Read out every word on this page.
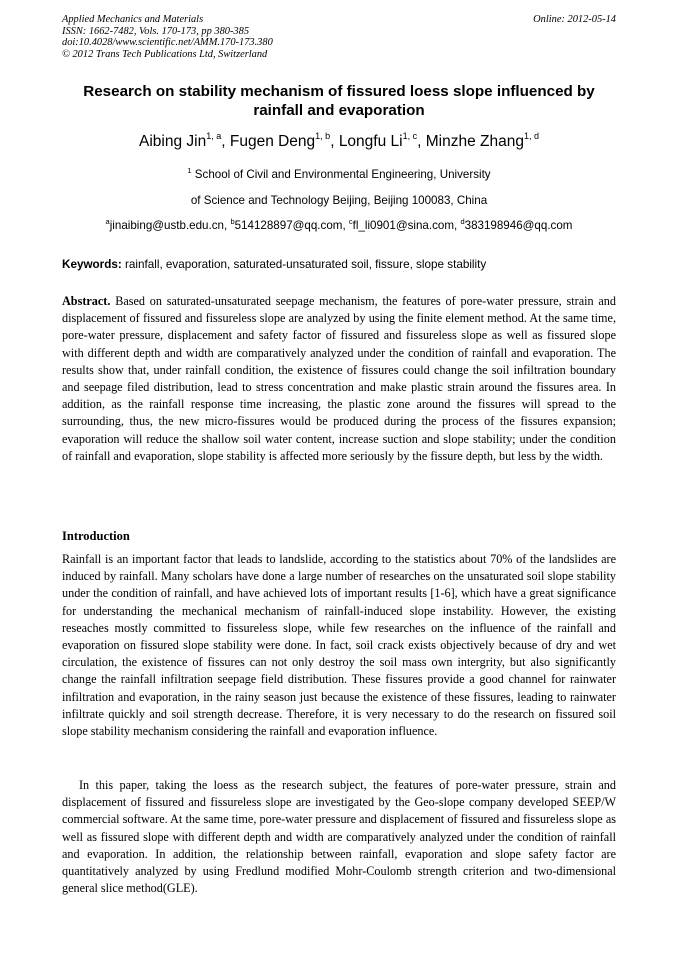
Applied Mechanics and Materials
ISSN: 1662-7482, Vols. 170-173, pp 380-385
doi:10.4028/www.scientific.net/AMM.170-173.380
© 2012 Trans Tech Publications Ltd, Switzerland
Online: 2012-05-14
Research on stability mechanism of fissured loess slope influenced by rainfall and evaporation
Aibing Jin$^{1, a}$, Fugen Deng$^{1, b}$, Longfu Li$^{1, c}$, Minzhe Zhang$^{1, d}$
$^1$ School of Civil and Environmental Engineering, University
of Science and Technology Beijing, Beijing 100083, China
$^a$jinaibing@ustb.edu.cn, $^b$514128897@qq.com, $^c$fl_li0901@sina.com, $^d$383198946@qq.com
Keywords: rainfall, evaporation, saturated-unsaturated soil, fissure, slope stability

Abstract. Based on saturated-unsaturated seepage mechanism, the features of pore-water pressure, strain and displacement of fissured and fissureless slope are analyzed by using the finite element method. At the same time, pore-water pressure, displacement and safety factor of fissured and fissureless slope as well as fissured slope with different depth and width are comparatively analyzed under the condition of rainfall and evaporation. The results show that, under rainfall condition, the existence of fissures could change the soil infiltration boundary and seepage filed distribution, lead to stress concentration and make plastic strain around the fissures area. In addition, as the rainfall response time increasing, the plastic zone around the fissures will spread to the surrounding, thus, the new micro-fissures would be produced during the process of the fissures expansion; evaporation will reduce the shallow soil water content, increase suction and slope stability; under the condition of rainfall and evaporation, slope stability is affected more seriously by the fissure depth, but less by the width.

Introduction

Rainfall is an important factor that leads to landslide, according to the statistics about 70% of the landslides are induced by rainfall. Many scholars have done a large number of researches on the unsaturated soil slope stability under the condition of rainfall, and have achieved lots of important results [1-6], which have a great significance for understanding the mechanical mechanism of rainfall-induced slope instability. However, the existing reseaches mostly committed to fissureless slope, while few researches on the influence of the rainfall and evaporation on fissured slope stability were done. In fact, soil crack exists objectively because of dry and wet circulation, the existence of fissures can not only destroy the soil mass own intergrity, but also significantly change the rainfall infiltration seepage field distribution. These fissures provide a good channel for rainwater infiltration and evaporation, in the rainy season just because the existence of these fissures, leading to rainwater infiltrate quickly and soil strength decrease. Therefore, it is very necessary to do the research on fissured soil slope stability mechanism considering the rainfall and evaporation influence.

In this paper, taking the loess as the research subject, the features of pore-water pressure, strain and displacement of fissured and fissureless slope are investigated by the Geo-slope company developed SEEP/W commercial software. At the same time, pore-water pressure and displacement of fissured and fissureless slope as well as fissured slope with different depth and width are comparatively analyzed under the condition of rainfall and evaporation. In addition, the relationship between rainfall, evaporation and slope safety factor are quantitatively analyzed by using Fredlund modified Mohr-Coulomb strength criterion and two-dimensional general slice method(GLE).
